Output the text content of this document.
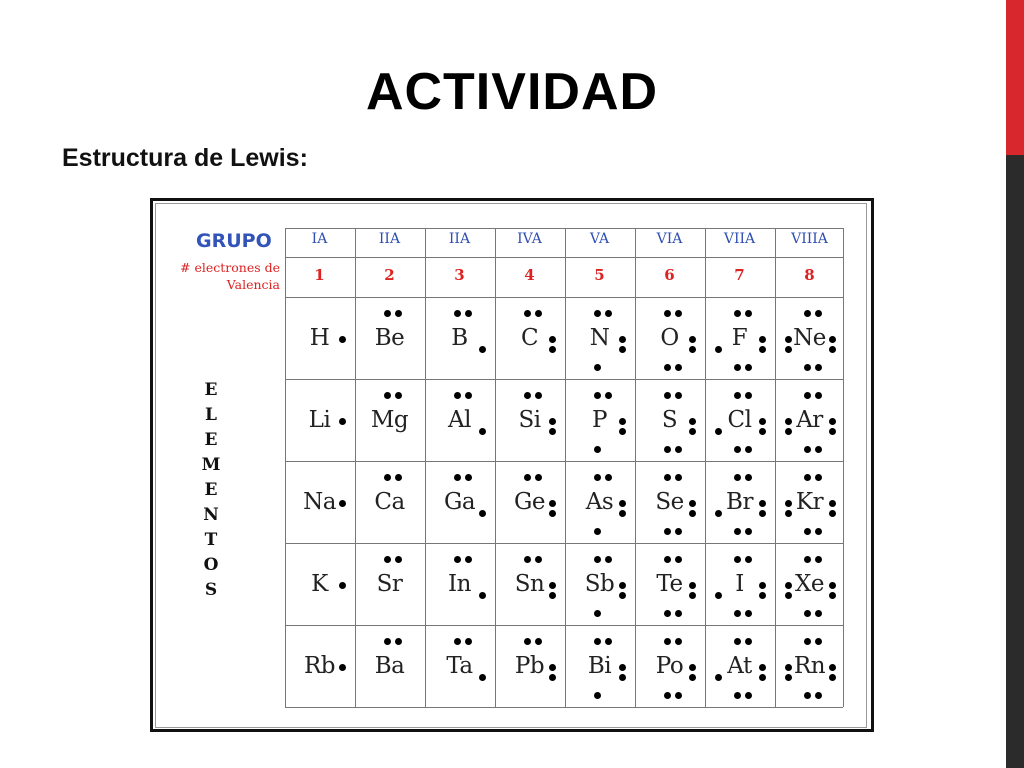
ACTIVIDAD
Estructura de Lewis:
GRUPO
# electrones de
Valencia
E
L
E
M
E
N
T
O
S
IA	IIA	IIA	IVA	VA	VIA	VIIA	VIIIA
1	2	3	4	5	6	7	8
H	Be	B	C	N	O	F	Ne
Li	Mg	Al	Si	P	S	Cl	Ar
Na	Ca	Ga	Ge	As	Se	Br	Kr
K	Sr	In	Sn	Sb	Te	I	Xe
Rb	Ba	Ta	Pb	Bi	Po	At	Rn
